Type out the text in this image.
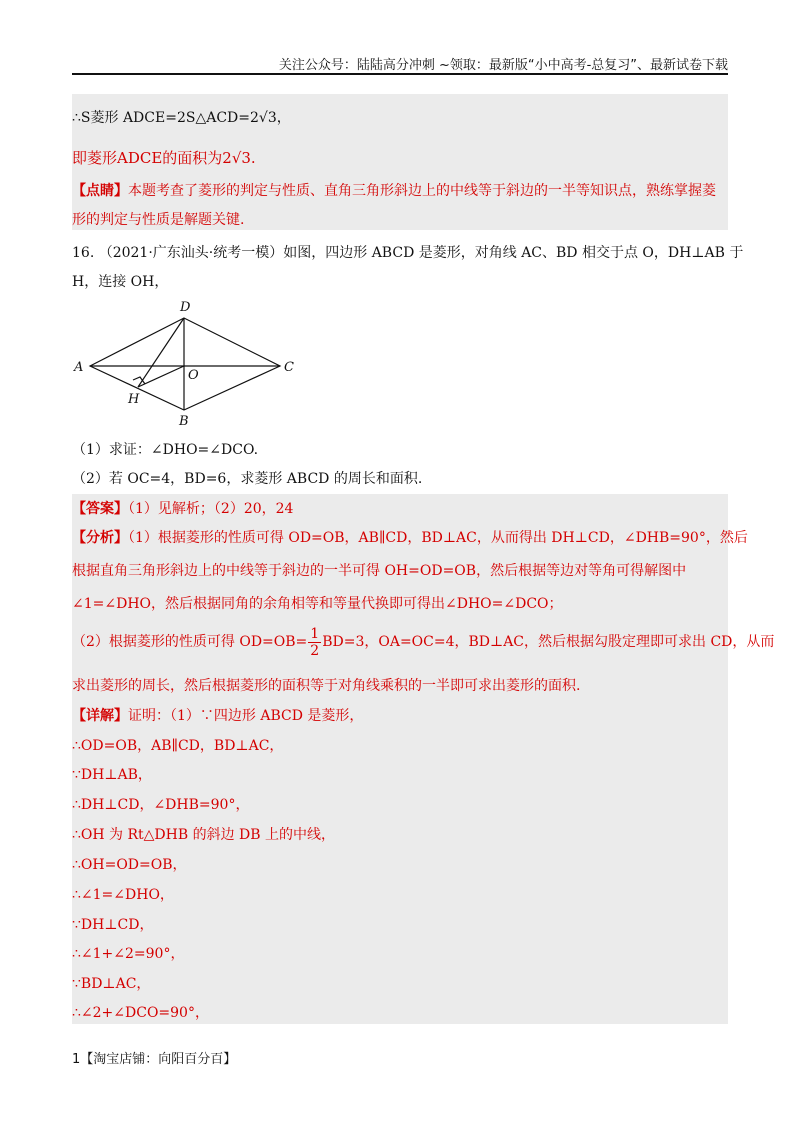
关注公众号：陆陆高分冲刺 ~领取：最新版“小中高考-总复习”、最新试卷下载
∴S菱形 ADCE=2S△ACD=2√3，
即菱形ADCE的面积为2√3.
【点睛】本题考查了菱形的判定与性质、直角三角形斜边上的中线等于斜边的一半等知识点，熟练掌握菱
形的判定与性质是解题关键.
16. （2021·广东汕头·统考一模）如图，四边形 ABCD 是菱形，对角线 AC、BD 相交于点 O，DH⊥AB 于
H，连接 OH，
A
B
C
D
O
H
（1）求证：∠DHO=∠DCO.
（2）若 OC=4，BD=6，求菱形 ABCD 的周长和面积.
【答案】（1）见解析；（2）20，24
【分析】（1）根据菱形的性质可得 OD=OB，AB∥CD，BD⊥AC，从而得出 DH⊥CD，∠DHB=90°，然后
根据直角三角形斜边上的中线等于斜边的一半可得 OH=OD=OB，然后根据等边对等角可得解图中
∠1=∠DHO，然后根据同角的余角相等和等量代换即可得出∠DHO=∠DCO；
（2）根据菱形的性质可得 $OD=OB= \frac{1}{2} BD=3$，OA=OC=4，BD⊥AC，然后根据勾股定理即可求出 CD，从而
求出菱形的周长，然后根据菱形的面积等于对角线乘积的一半即可求出菱形的面积.
【详解】证明：（1）∵四边形 ABCD 是菱形，
∴OD=OB，AB∥CD，BD⊥AC，
∵DH⊥AB，
∴DH⊥CD，∠DHB=90°，
∴OH 为 Rt△DHB 的斜边 DB 上的中线，
∴OH=OD=OB，
∴∠1=∠DHO，
∵DH⊥CD，
∴∠1+∠2=90°，
∵BD⊥AC，
∴∠2+∠DCO=90°，
1【淘宝店铺：向阳百分百】
